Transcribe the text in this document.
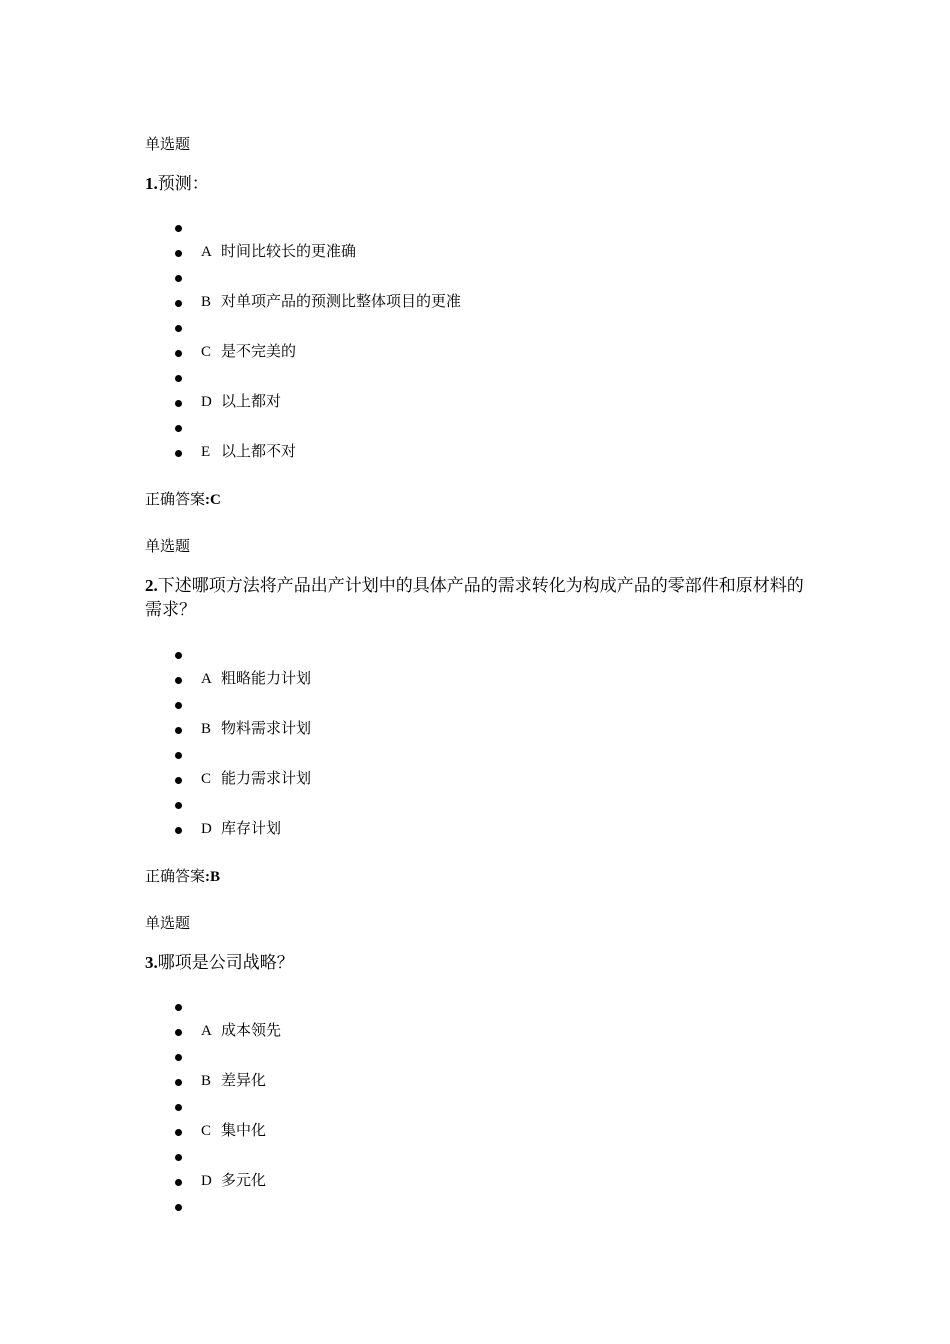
单选题
1.预测：
A 时间比较长的更准确
B 对单项产品的预测比整体项目的更准
C 是不完美的
D 以上都对
E 以上都不对
正确答案:C
单选题
2.下述哪项方法将产品出产计划中的具体产品的需求转化为构成产品的零部件和原材料的需求？
A 粗略能力计划
B 物料需求计划
C 能力需求计划
D 库存计划
正确答案:B
单选题
3.哪项是公司战略？
A 成本领先
B 差异化
C 集中化
D 多元化
